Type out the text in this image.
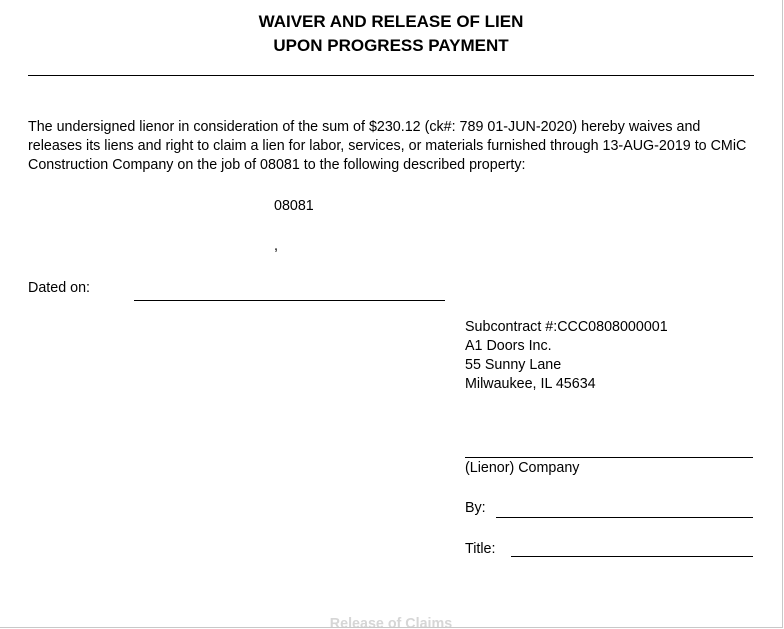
WAIVER AND RELEASE OF LIEN
UPON PROGRESS PAYMENT
The undersigned lienor in consideration of the sum of $230.12 (ck#: 789 01-JUN-2020) hereby waives and releases its liens and right to claim a lien for labor, services, or materials furnished through 13-AUG-2019 to CMiC Construction Company on the job of 08081 to the following described property:
08081
,
Dated on:
Subcontract #:CCC0808000001
A1 Doors Inc.
55 Sunny Lane
Milwaukee, IL 45634
(Lienor) Company
By:
Title:
Release of Claims
